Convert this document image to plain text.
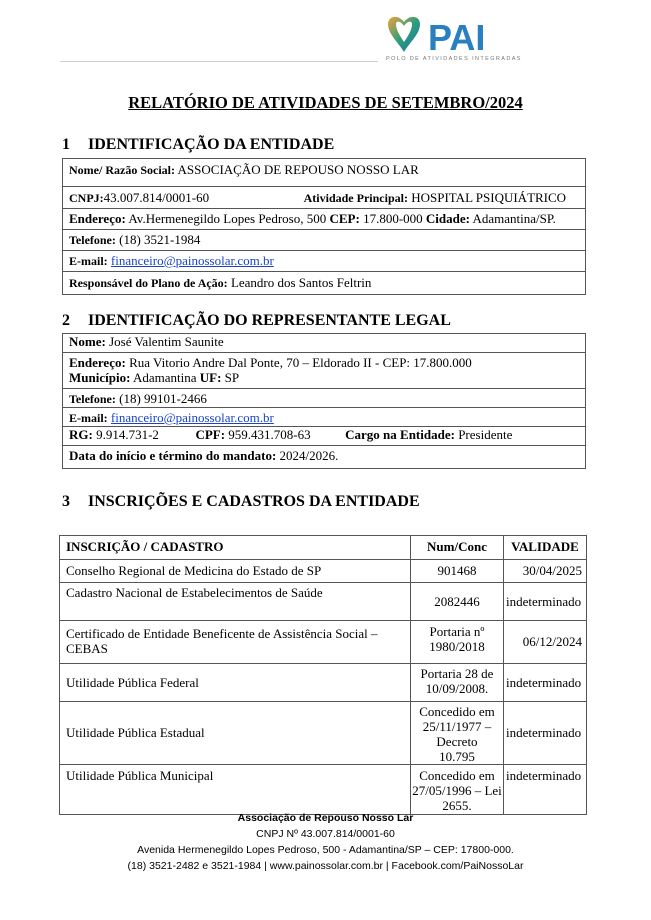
PAI
POLO DE ATIVIDADES INTEGRADAS
RELATÓRIO DE ATIVIDADES DE SETEMBRO/2024
1 IDENTIFICAÇÃO DA ENTIDADE
Nome/ Razão Social: ASSOCIAÇÃO DE REPOUSO NOSSO LAR
CNPJ:43.007.814/0001-60	Atividade Principal: HOSPITAL PSIQUIÁTRICO
Endereço: Av.Hermenegildo Lopes Pedroso, 500 CEP: 17.800-000 Cidade: Adamantina/SP.
Telefone: (18) 3521-1984
E-mail: financeiro@painossolar.com.br
Responsável do Plano de Ação: Leandro dos Santos Feltrin
2 IDENTIFICAÇÃO DO REPRESENTANTE LEGAL
Nome: José Valentim Saunite
Endereço: Rua Vitorio Andre Dal Ponte, 70 – Eldorado II - CEP: 17.800.000
Município: Adamantina UF: SP
Telefone: (18) 99101-2466
E-mail: financeiro@painossolar.com.br
RG: 9.914.731-2	CPF: 959.431.708-63	Cargo na Entidade: Presidente
Data do início e término do mandato: 2024/2026.
3 INSCRIÇÕES E CADASTROS DA ENTIDADE
INSCRIÇÃO / CADASTRO	Num/Conc	VALIDADE
Conselho Regional de Medicina do Estado de SP	901468	30/04/2025
Cadastro Nacional de Estabelecimentos de Saúde	2082446	indeterminado
Certificado de Entidade Beneficente de Assistência Social – CEBAS	Portaria nº 1980/2018	06/12/2024
Utilidade Pública Federal	Portaria 28 de 10/09/2008.	indeterminado
Utilidade Pública Estadual	Concedido em 25/11/1977 – Decreto 10.795	indeterminado
Utilidade Pública Municipal	Concedido em 27/05/1996 – Lei 2655.	indeterminado
Associação de Repouso Nosso Lar
CNPJ Nº 43.007.814/0001-60
Avenida Hermenegildo Lopes Pedroso, 500 - Adamantina/SP – CEP: 17800-000.
(18) 3521-2482 e 3521-1984 | www.painossolar.com.br | Facebook.com/PaiNossoLar
